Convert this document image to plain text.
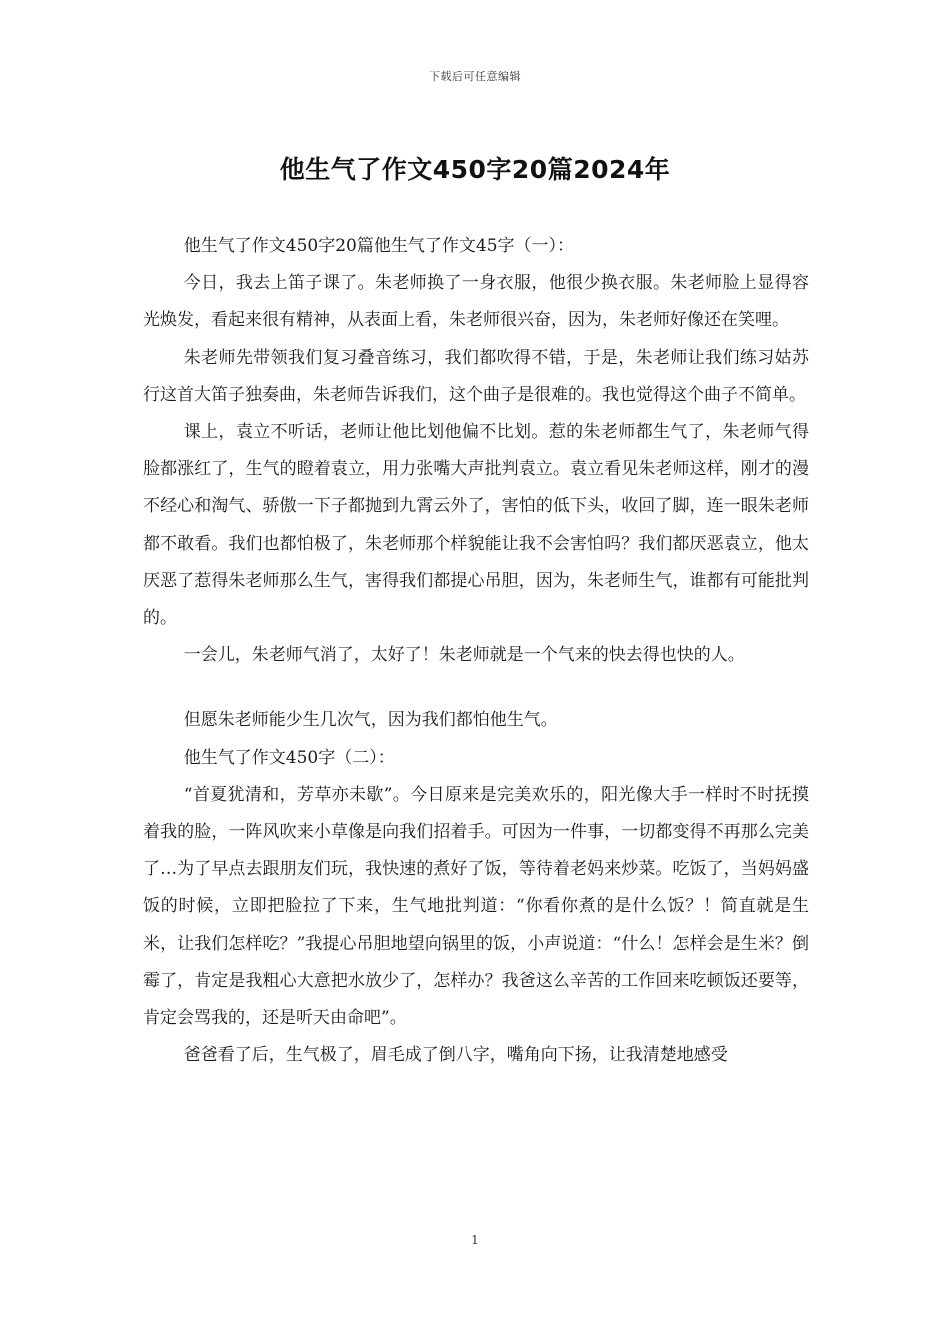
下载后可任意编辑
他生气了作文450字20篇2024年

他生气了作文450字20篇他生气了作文45字（一）：

今日，我去上笛子课了。朱老师换了一身衣服，他很少换衣服。朱老师脸上显得容光焕发，看起来很有精神，从表面上看，朱老师很兴奋，因为，朱老师好像还在笑哩。

朱老师先带领我们复习叠音练习，我们都吹得不错，于是，朱老师让我们练习姑苏行这首大笛子独奏曲，朱老师告诉我们，这个曲子是很难的。我也觉得这个曲子不简单。

课上，袁立不听话，老师让他比划他偏不比划。惹的朱老师都生气了，朱老师气得脸都涨红了，生气的瞪着袁立，用力张嘴大声批判袁立。袁立看见朱老师这样，刚才的漫不经心和淘气、骄傲一下子都抛到九霄云外了，害怕的低下头，收回了脚，连一眼朱老师都不敢看。我们也都怕极了，朱老师那个样貌能让我不会害怕吗？我们都厌恶袁立，他太厌恶了惹得朱老师那么生气，害得我们都提心吊胆，因为，朱老师生气，谁都有可能批判的。

一会儿，朱老师气消了，太好了！朱老师就是一个气来的快去得也快的人。

但愿朱老师能少生几次气，因为我们都怕他生气。

他生气了作文450字（二）：

“首夏犹清和，芳草亦未歇”。今日原来是完美欢乐的，阳光像大手一样时不时抚摸着我的脸，一阵风吹来小草像是向我们招着手。可因为一件事，一切都变得不再那么完美了…为了早点去跟朋友们玩，我快速的煮好了饭，等待着老妈来炒菜。吃饭了，当妈妈盛饭的时候，立即把脸拉了下来，生气地批判道：“你看你煮的是什么饭？！简直就是生米，让我们怎样吃？”我提心吊胆地望向锅里的饭，小声说道：“什么！怎样会是生米？倒霉了，肯定是我粗心大意把水放少了，怎样办？我爸这么辛苦的工作回来吃顿饭还要等，肯定会骂我的，还是听天由命吧”。

爸爸看了后，生气极了，眉毛成了倒八字，嘴角向下扬，让我清楚地感受

1
